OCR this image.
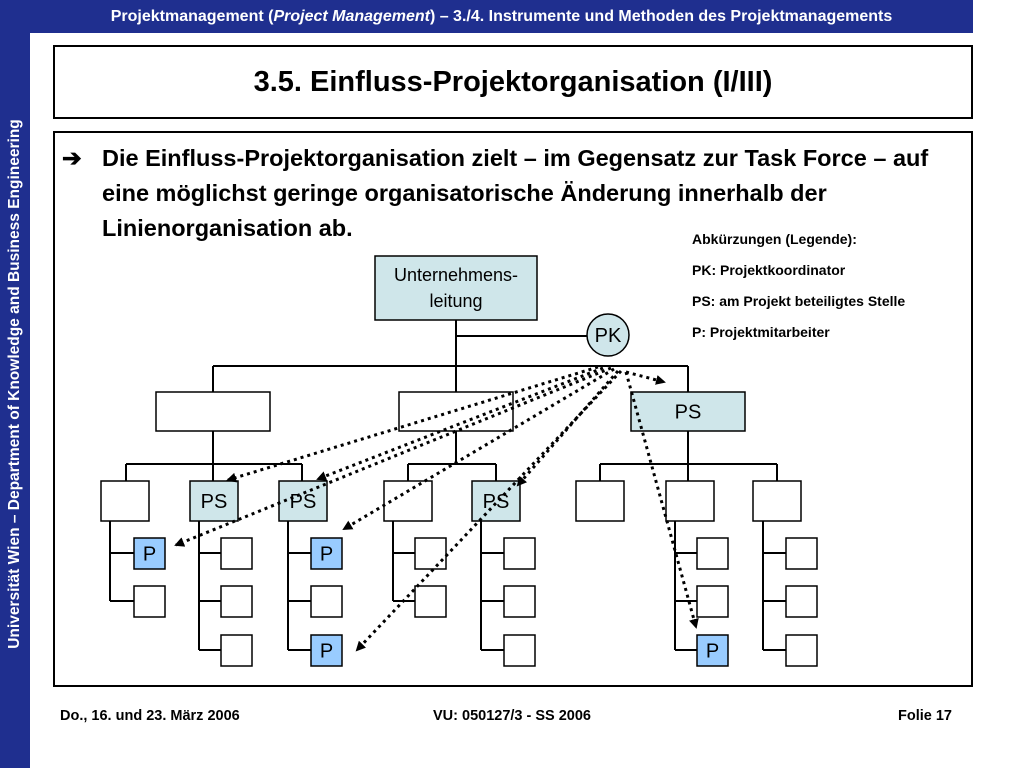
Universität Wien – Department of Knowledge and Business Engineering
Projektmanagement (Project Management) – 3./4. Instrumente und Methoden des Projektmanagements
3.5. Einfluss-Projektorganisation (I/III)
➔ Die Einfluss-Projektorganisation zielt – im Gegensatz zur Task Force – auf eine möglichst geringe organisatorische Änderung innerhalb der Linienorganisation ab.	Abkürzungen (Legende):
PK: Projektkoordinator
PS: am Projekt beteiligtes Stelle
P: Projektmitarbeiter
Unternehmens-
leitung
PK
PS
PS	PS	PS
P	P
P	P
Do., 16. und 23. März 2006	VU: 050127/3 - SS 2006	Folie 17
